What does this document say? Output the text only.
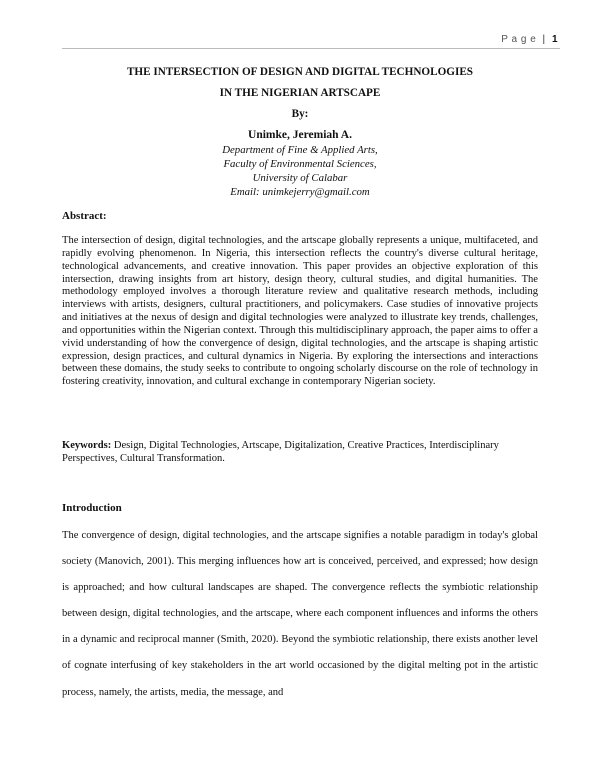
P a g e | 1
THE INTERSECTION OF DESIGN AND DIGITAL TECHNOLOGIES
IN THE NIGERIAN ARTSCAPE
By:
Unimke, Jeremiah A.
Department of Fine & Applied Arts,
Faculty of Environmental Sciences,
University of Calabar
Email: unimkejerry@gmail.com
Abstract:

The intersection of design, digital technologies, and the artscape globally represents a unique, multifaceted, and rapidly evolving phenomenon. In Nigeria, this intersection reflects the country's diverse cultural heritage, technological advancements, and creative innovation. This paper provides an objective exploration of this intersection, drawing insights from art history, design theory, cultural studies, and digital humanities. The methodology employed involves a thorough literature review and qualitative research methods, including interviews with artists, designers, cultural practitioners, and policymakers. Case studies of innovative projects and initiatives at the nexus of design and digital technologies were analyzed to illustrate key trends, challenges, and opportunities within the Nigerian context. Through this multidisciplinary approach, the paper aims to offer a vivid understanding of how the convergence of design, digital technologies, and the artscape is shaping artistic expression, design practices, and cultural dynamics in Nigeria. By exploring the intersections and interactions between these domains, the study seeks to contribute to ongoing scholarly discourse on the role of technology in fostering creativity, innovation, and cultural exchange in contemporary Nigerian society.

Keywords: Design, Digital Technologies, Artscape, Digitalization, Creative Practices, Interdisciplinary Perspectives, Cultural Transformation.

Introduction

The convergence of design, digital technologies, and the artscape signifies a notable paradigm in today's global society (Manovich, 2001). This merging influences how art is conceived, perceived, and expressed; how design is approached; and how cultural landscapes are shaped. The convergence reflects the symbiotic relationship between design, digital technologies, and the artscape, where each component influences and informs the others in a dynamic and reciprocal manner (Smith, 2020). Beyond the symbiotic relationship, there exists another level of cognate interfusing of key stakeholders in the art world occasioned by the digital melting pot in the artistic process, namely, the artists, media, the message, and
